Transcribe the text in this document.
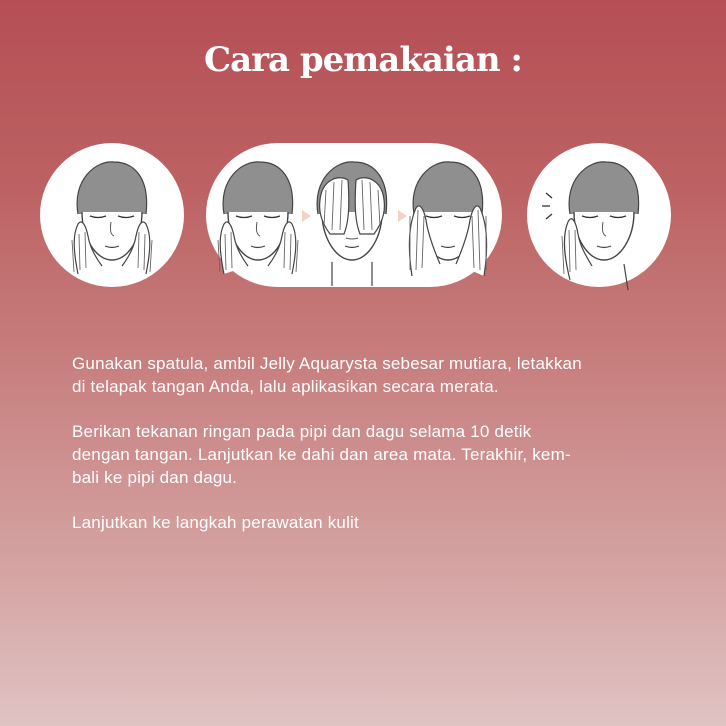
Cara pemakaian :

Gunakan spatula, ambil Jelly Aquarysta sebesar mutiara, letakkan
di telapak tangan Anda, lalu aplikasikan secara merata.

Berikan tekanan ringan pada pipi dan dagu selama 10 detik
dengan tangan. Lanjutkan ke dahi dan area mata. Terakhir, kem-
bali ke pipi dan dagu.

Lanjutkan ke langkah perawatan kulit
